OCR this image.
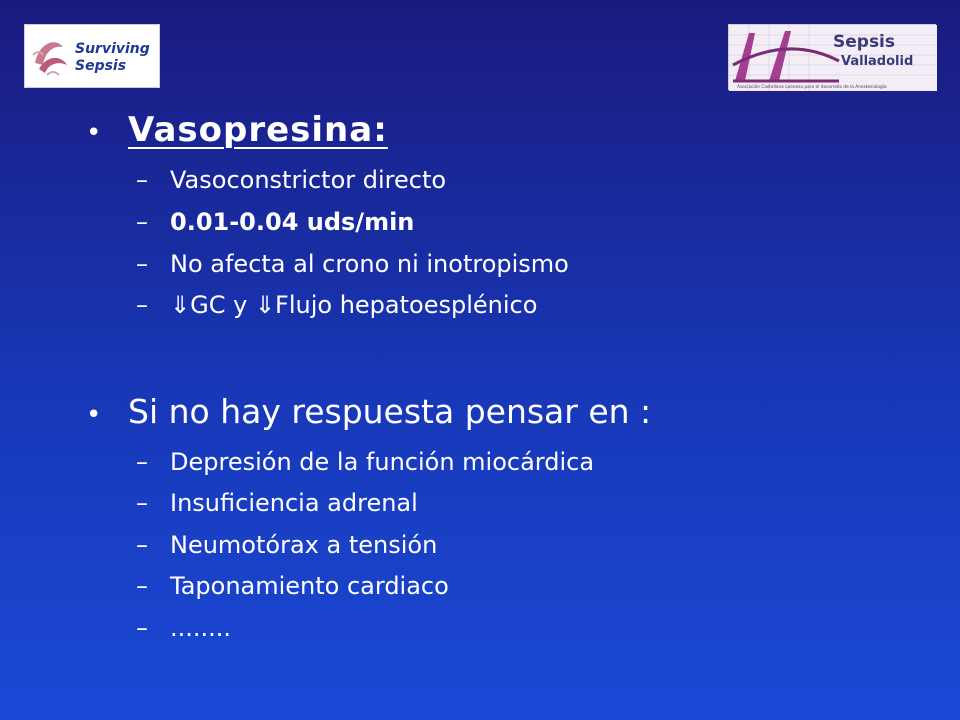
Surviving
Sepsis
Sepsis
Valladolid
Asociación Castellano Leonesa para el desarrollo de la Anestesiología
• Vasopresina:
– Vasoconstrictor directo
– 0.01-0.04 uds/min
– No afecta al crono ni inotropismo
– ⇓GC y ⇓Flujo hepatoesplénico
• Si no hay respuesta pensar en :
– Depresión de la función miocárdica
– Insuficiencia adrenal
– Neumotórax a tensión
– Taponamiento cardiaco
– ........
